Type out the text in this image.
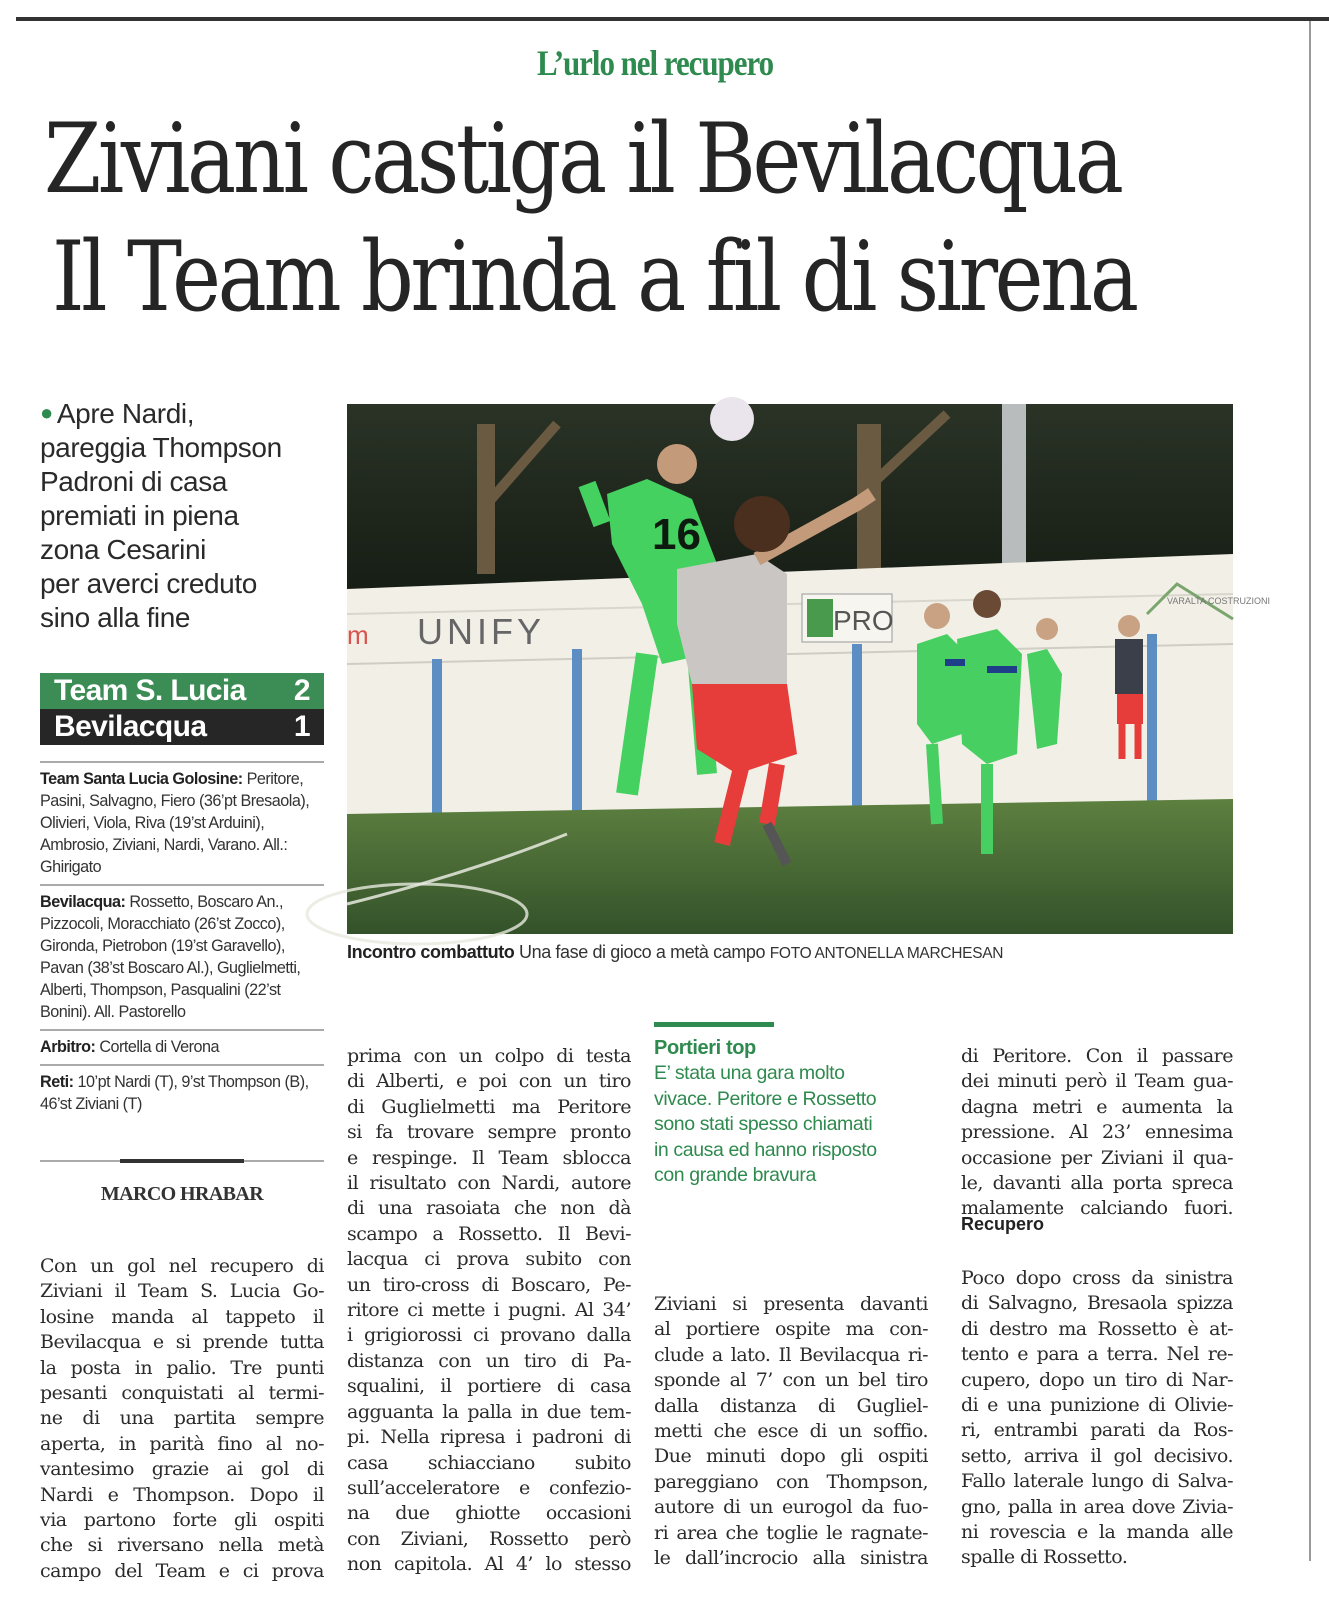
L’urlo nel recupero
Ziviani castiga il Bevilacqua
Il Team brinda a fil di sirena
● Apre Nardi,
pareggia Thompson
Padroni di casa
premiati in piena
zona Cesarini
per averci creduto
sino alla fine
Team S. Lucia 2
Bevilacqua	1
Team Santa Lucia Golosine: Peritore, Pasini, Salvagno, Fiero (36’pt Bresaola), Olivieri, Viola, Riva (19’st Arduini), Ambrosio, Ziviani, Nardi, Varano. All.: Ghirigato
Bevilacqua: Rossetto, Boscaro An., Pizzocoli, Moracchiato (26’st Zocco), Gironda, Pietrobon (19’st Garavello), Pavan (38’st Boscaro Al.), Guglielmetti, Alberti, Thompson, Pasqualini (22’st Bonini). All. Pastorello
Arbitro: Cortella di Verona
Reti: 10’pt Nardi (T), 9’st Thompson (B), 46’st Ziviani (T)
MARCO HRABAR
Con un gol nel recupero di
Ziviani il Team S. Lucia Go-
losine manda al tappeto il
Bevilacqua e si prende tutta
la posta in palio. Tre punti
pesanti conquistati al termi-
ne di una partita sempre
aperta, in parità fino al no-
vantesimo grazie ai gol di
Nardi e Thompson. Dopo il
via partono forte gli ospiti
che si riversano nella metà
campo del Team e ci prova
prima con un colpo di testa
di Alberti, e poi con un tiro
di Guglielmetti ma Peritore
si fa trovare sempre pronto
e respinge. Il Team sblocca
il risultato con Nardi, autore
di una rasoiata che non dà
scampo a Rossetto. Il Bevi-
lacqua ci prova subito con
un tiro-cross di Boscaro, Pe-
ritore ci mette i pugni. Al 34’
i grigiorossi ci provano dalla
distanza con un tiro di Pa-
squalini, il portiere di casa
agguanta la palla in due tem-
pi. Nella ripresa i padroni di
casa schiacciano subito
sull’acceleratore e confezio-
na due ghiotte occasioni
con Ziviani, Rossetto però
non capitola. Al 4’ lo stesso
Ziviani si presenta davanti
al portiere ospite ma con-
clude a lato. Il Bevilacqua ri-
sponde al 7’ con un bel tiro
dalla distanza di Gugliel-
metti che esce di un soffio.
Due minuti dopo gli ospiti
pareggiano con Thompson,
autore di un eurogol da fuo-
ri area che toglie le ragnate-
le dall’incrocio alla sinistra
di Peritore. Con il passare
dei minuti però il Team gua-
dagna metri e aumenta la
pressione. Al 23’ ennesima
occasione per Ziviani il qua-
le, davanti alla porta spreca
malamente calciando fuori.
Recupero
Poco dopo cross da sinistra
di Salvagno, Bresaola spizza
di destro ma Rossetto è at-
tento e para a terra. Nel re-
cupero, dopo un tiro di Nar-
di e una punizione di Olivie-
ri, entrambi parati da Ros-
setto, arriva il gol decisivo.
Fallo laterale lungo di Salva-
gno, palla in area dove Zivia-
ni rovescia e la manda alle
spalle di Rossetto.
m UNIFY	PRO
VARALTA COSTRUZIONI
16
Incontro combattuto Una fase di gioco a metà campo FOTO ANTONELLA MARCHESAN
Portieri top
E’ stata una gara molto
vivace. Peritore e Rossetto
sono stati spesso chiamati
in causa ed hanno risposto
con grande bravura
